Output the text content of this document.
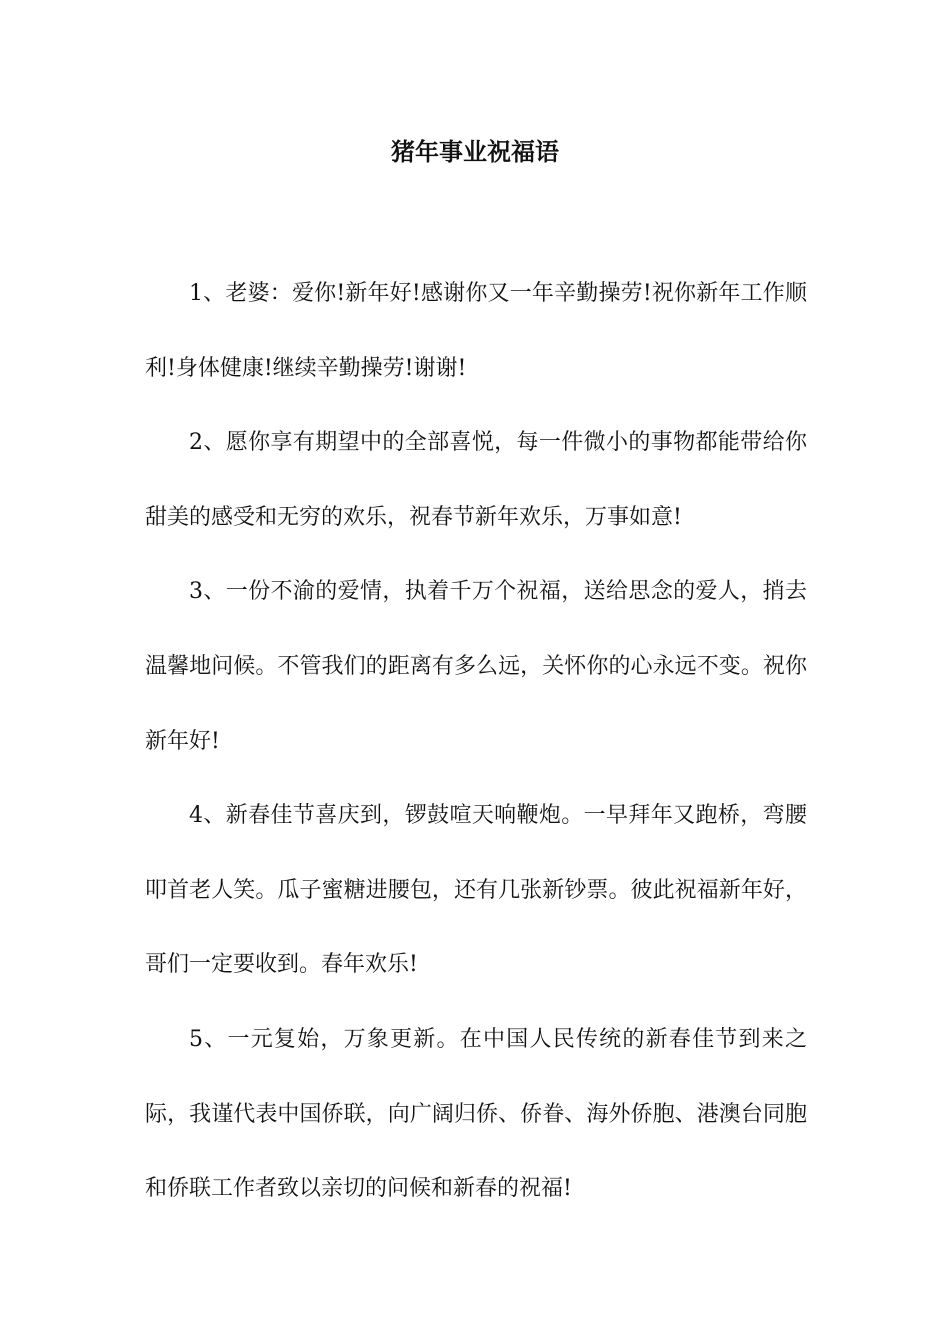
猪年事业祝福语

1、老婆：爱你!新年好!感谢你又一年辛勤操劳!祝你新年工作顺利!身体健康!继续辛勤操劳!谢谢!

2、愿你享有期望中的全部喜悦，每一件微小的事物都能带给你甜美的感受和无穷的欢乐，祝春节新年欢乐，万事如意!

3、一份不渝的爱情，执着千万个祝福，送给思念的爱人，捎去温馨地问候。不管我们的距离有多么远，关怀你的心永远不变。祝你新年好!

4、新春佳节喜庆到，锣鼓喧天响鞭炮。一早拜年又跑桥，弯腰叩首老人笑。瓜子蜜糖进腰包，还有几张新钞票。彼此祝福新年好，哥们一定要收到。春年欢乐!

5、一元复始，万象更新。在中国人民传统的新春佳节到来之际，我谨代表中国侨联，向广阔归侨、侨眷、海外侨胞、港澳台同胞和侨联工作者致以亲切的问候和新春的祝福!
